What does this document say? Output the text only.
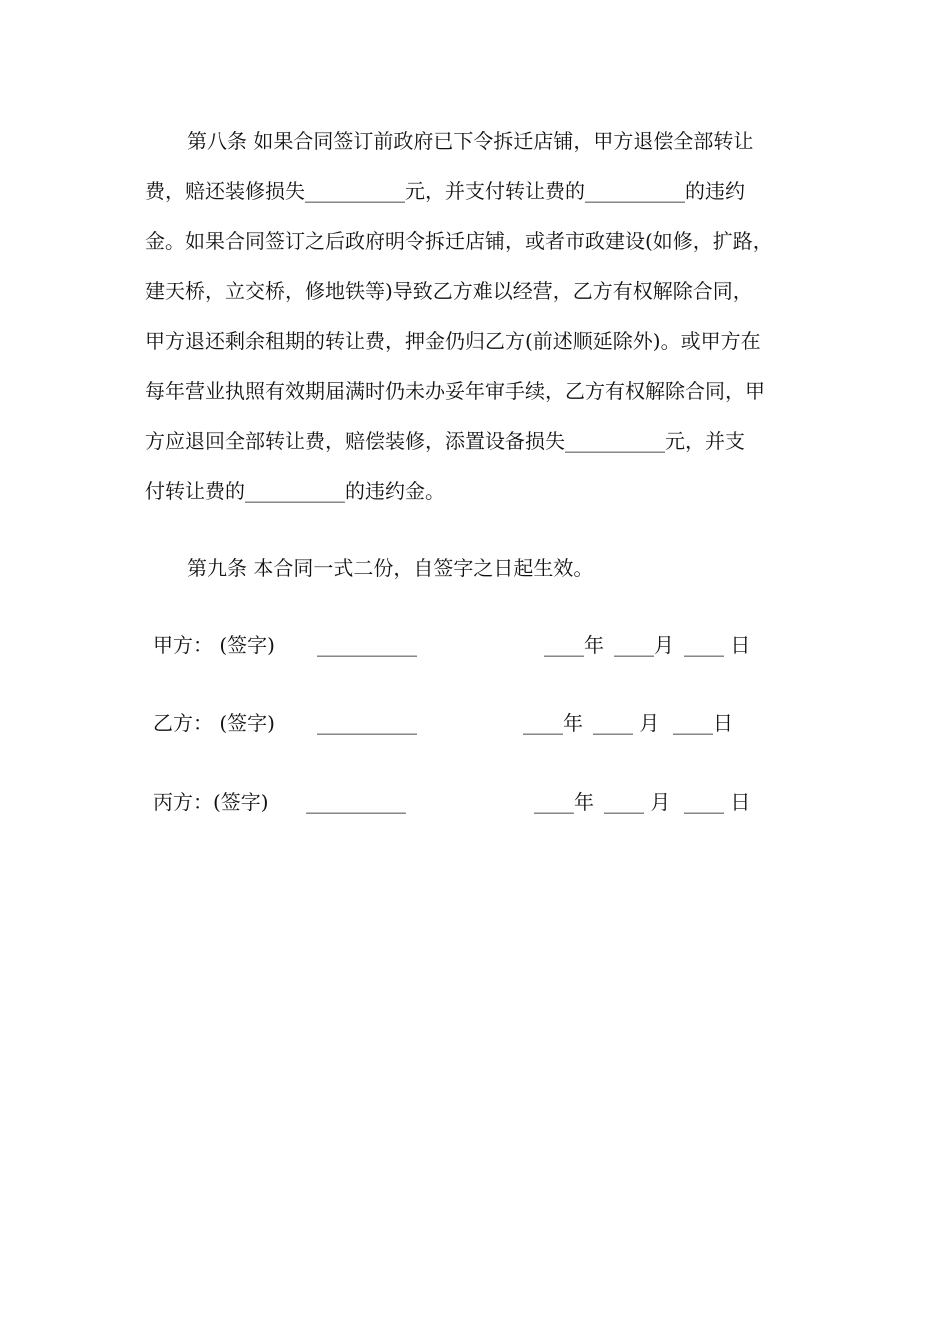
第八条 如果合同签订前政府已下令拆迁店铺，甲方退偿全部转让
费，赔还装修损失__________元，并支付转让费的__________的违约
金。如果合同签订之后政府明令拆迁店铺，或者市政建设(如修，扩路，
建天桥，立交桥，修地铁等)导致乙方难以经营，乙方有权解除合同，
甲方退还剩余租期的转让费，押金仍归乙方(前述顺延除外)。或甲方在
每年营业执照有效期届满时仍未办妥年审手续，乙方有权解除合同，甲
方应退回全部转让费，赔偿装修，添置设备损失__________元，并支
付转让费的__________的违约金。
第九条 本合同一式二份，自签字之日起生效。
甲方： (签字) __________	____年 ____月 ____ 日
乙方： (签字) __________	____年 ____ 月 ____日
丙方：(签字) __________	____年 ____ 月 ____ 日
